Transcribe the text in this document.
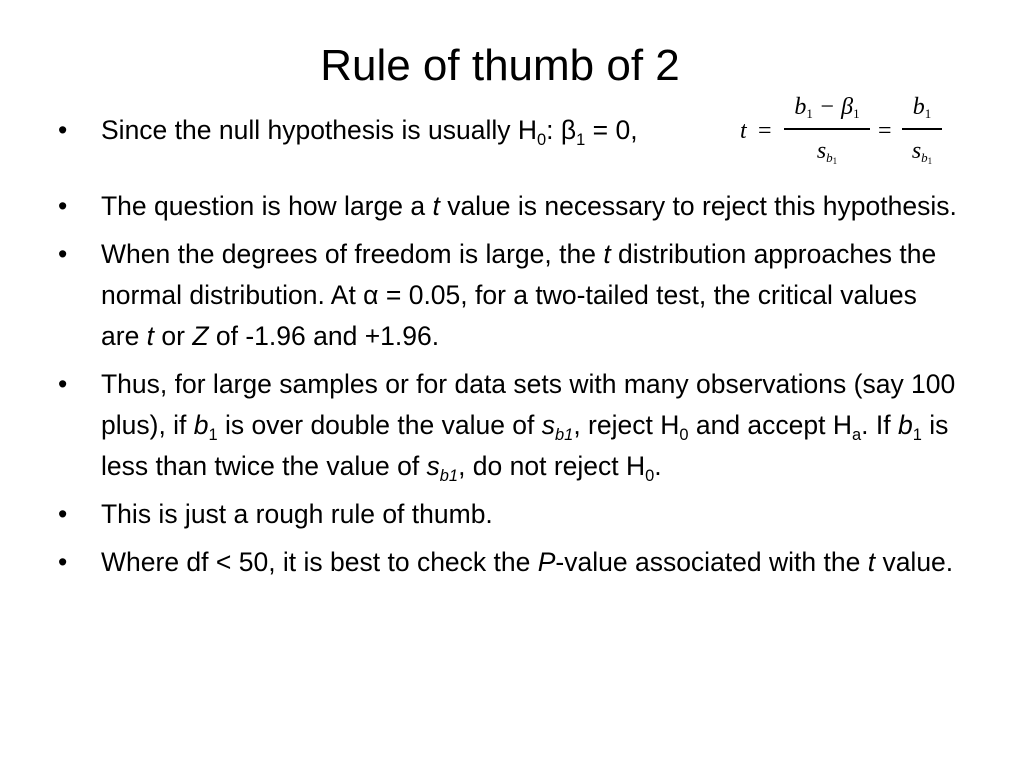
Rule of thumb of 2
t =
b1 − β1
sb1
=
b1
sb1
•	Since the null hypothesis is usually $H_0$: $\beta_1 = 0$,
•	The question is how large a t value is necessary to reject this hypothesis.
•	When the degrees of freedom is large, the t distribution approaches the normal distribution. At α = 0.05, for a two-tailed test, the critical values are t or Z of -1.96 and +1.96.
•	Thus, for large samples or for data sets with many observations (say 100 plus), if $b_1$ is over double the value of $s_{b1}$, reject $H_0$ and accept $H_a$. If $b_1$ is less than twice the value of $s_{b1}$, do not reject $H_0$.
•	This is just a rough rule of thumb.
•	Where df < 50, it is best to check the P-value associated with the t value.
